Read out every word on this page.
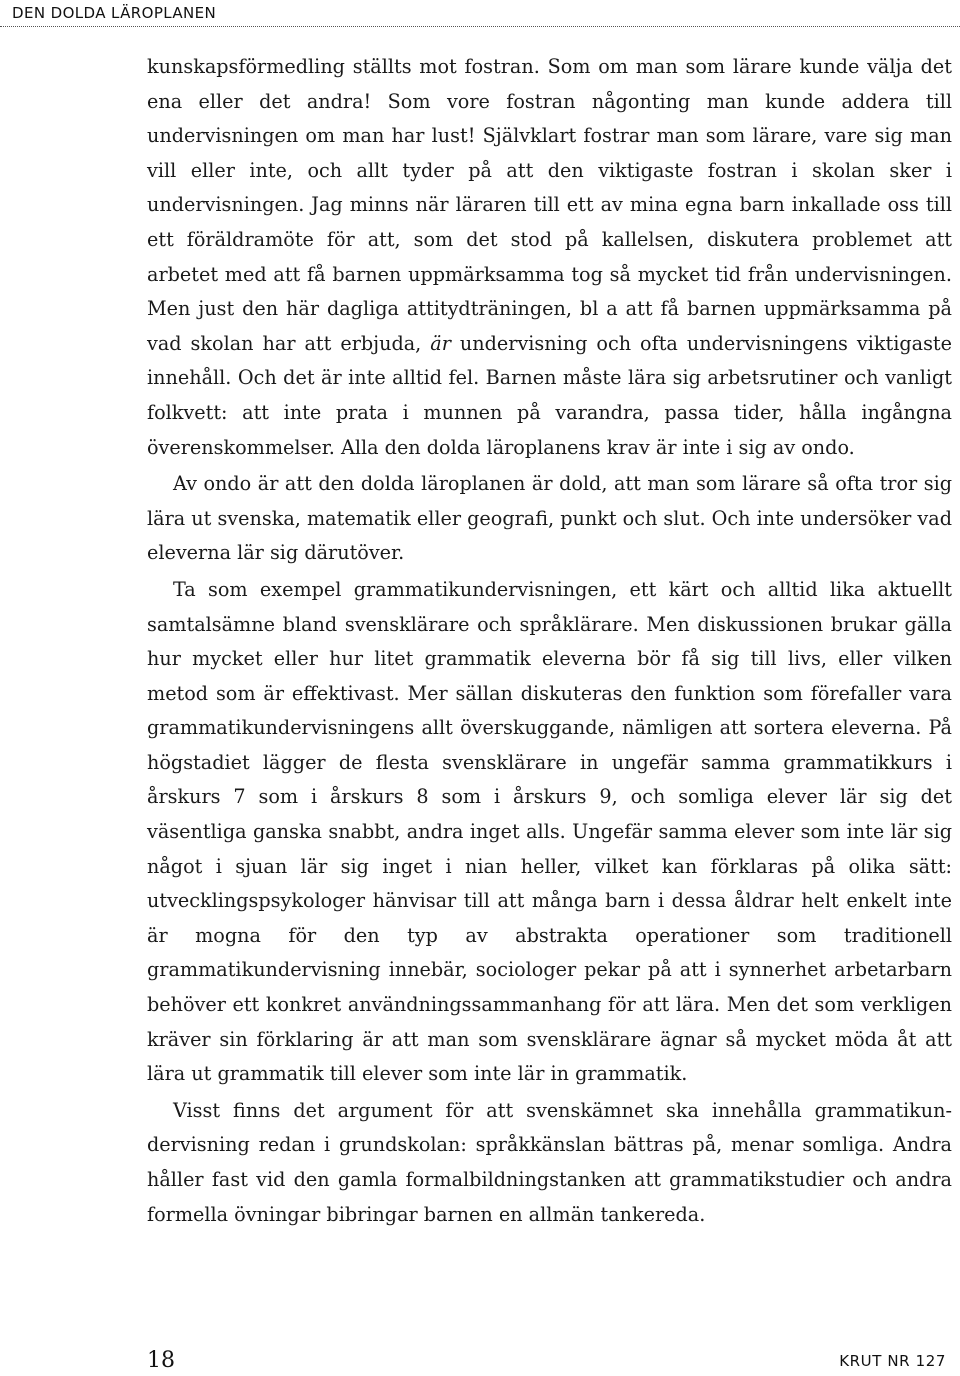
DEN DOLDA LÄROPLANEN

kunskapsförmedling ställts mot fostran. Som om man som lärare kunde välja det ena eller det andra! Som vore fostran någonting man kunde addera till undervisningen om man har lust! Självklart fostrar man som lärare, vare sig man vill eller inte, och allt tyder på att den viktigaste fostran i skolan sker i undervisningen. Jag minns när läraren till ett av mina egna barn inkallade oss till ett föräldramöte för att, som det stod på kallelsen, diskutera problemet att arbetet med att få barnen uppmärksamma tog så mycket tid från undervisningen. Men just den här dagliga attitydträningen, bl a att få barnen uppmärksamma på vad skolan har att erbjuda, är undervisning och ofta undervisningens viktigaste innehåll. Och det är inte alltid fel. Barnen måste lära sig arbetsrutiner och vanligt folkvett: att inte prata i munnen på varandra, passa tider, hålla ingångna överenskommelser. Alla den dolda läroplanens krav är inte i sig av ondo.

Av ondo är att den dolda läroplanen är dold, att man som lärare så ofta tror sig lära ut svenska, matematik eller geografi, punkt och slut. Och inte undersöker vad eleverna lär sig därutöver.

Ta som exempel grammatikundervisningen, ett kärt och alltid lika aktuellt samtalsämne bland svensklärare och språklärare. Men diskussionen brukar gälla hur mycket eller hur litet grammatik eleverna bör få sig till livs, eller vilken metod som är effektivast. Mer sällan diskuteras den funktion som förefaller vara grammatikundervisningens allt överskuggande, nämligen att sortera eleverna. På högstadiet lägger de flesta svensklärare in ungefär samma grammatikkurs i årskurs 7 som i årskurs 8 som i årskurs 9, och somliga elever lär sig det väsentliga ganska snabbt, andra inget alls. Ungefär samma elever som inte lär sig något i sjuan lär sig inget i nian heller, vilket kan förklaras på olika sätt: utvecklingspsykologer hänvisar till att många barn i dessa åldrar helt enkelt inte är mogna för den typ av abstrakta operationer som traditionell grammatikundervisning innebär, sociologer pekar på att i synnerhet arbetarbarn behöver ett konkret användningssammanhang för att lära. Men det som verkligen kräver sin förklaring är att man som svensklärare ägnar så mycket möda åt att lära ut grammatik till elever som inte lär in grammatik.

Visst finns det argument för att svenskämnet ska innehålla grammatikundervisning redan i grundskolan: språkkänslan bättras på, menar somliga. Andra håller fast vid den gamla formalbildningstanken att grammatikstudier och andra formella övningar bibringar barnen en allmän tankereda.

18	KRUT NR 127
